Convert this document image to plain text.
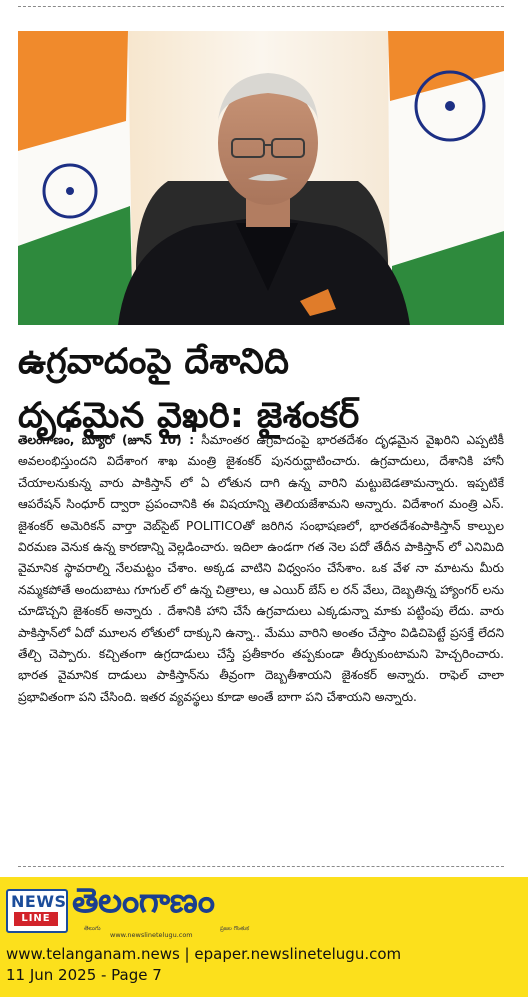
ఉగ్రవాదంపై దేశానిది
దృఢమైన వైఖరి: జైశంకర్
తెలంగాణం, బ్యూరో (జూన్ 10) : సీమాంతర ఉగ్రవాదంపై భారతదేశం దృఢమైన వైఖరిని ఎప్పటికీ అవలంభిస్తుందని విదేశాంగ శాఖ మంత్రి జైశంకర్ పునరుద్ఘాటించారు. ఉగ్రవాదులు, దేశానికి హానీ చేయాలనుకున్న వారు పాకిస్తాన్ లో ఏ లోతున దాగి ఉన్న వారిని మట్టుబెడతామన్నారు. ఇప్పటికే ఆపరేషన్ సింధూర్ ద్వారా ప్రపంచానికి ఈ విషయాన్ని తెలియజేశామని అన్నారు. విదేశాంగ మంత్రి ఎస్. జైశంకర్ అమెరికన్ వార్తా వెబ్‌సైట్ POLITICOతో జరిగిన సంభాషణలో, భారతదేశంపాకిస్తాన్ కాల్పుల విరమణ వెనుక ఉన్న కారణాన్ని వెల్లడించారు. ఇదిలా ఉండగా గత నెల పదో తేదీన పాకిస్తాన్ లో ఎనిమిది వైమానిక స్థావరాల్ని నేలమట్టం చేశాం. అక్కడ వాటిని విధ్వంసం చేసేశాం. ఒక వేళ నా మాటను మీరు నమ్మకపోతే అందుబాటు గూగుల్ లో ఉన్న చిత్రాలు, ఆ ఎయిర్ బేస్ ల రన్ వేలు, దెబ్బతిన్న హ్యాంగర్ లను చూడొచ్చని జైశంకర్ అన్నారు . దేశానికి హాని చేసే ఉగ్రవాదులు ఎక్కడున్నా మాకు పట్టింపు లేదు. వారు పాకిస్తాన్‌లో ఏదో మూలన లోతులో దాక్కుని ఉన్నా.. మేము వారిని అంతం చేస్తాం విడిచిపెట్టే ప్రసక్తే లేదని తేల్చి చెప్పారు. కచ్చితంగా ఉగ్రదాడులు చేస్తే ప్రతీకారం తప్పకుండా తీర్చుకుంటామని హెచ్చరించారు. భారత వైమానిక దాడులు పాకిస్తాన్‌ను తీవ్రంగా దెబ్బతీశాయని జైశంకర్ అన్నారు. రాఫెల్ చాలా ప్రభావితంగా పని చేసింది. ఇతర వ్యవస్థలు కూడా అంతే బాగా పని చేశాయని అన్నారు.
NEWS
LINE తెలంగాణం
తెలుగు
www.newslinetelugu.com
ప్రజల గొంతుక
www.telanganam.news | epaper.newslinetelugu.com
11 Jun 2025 - Page 7
